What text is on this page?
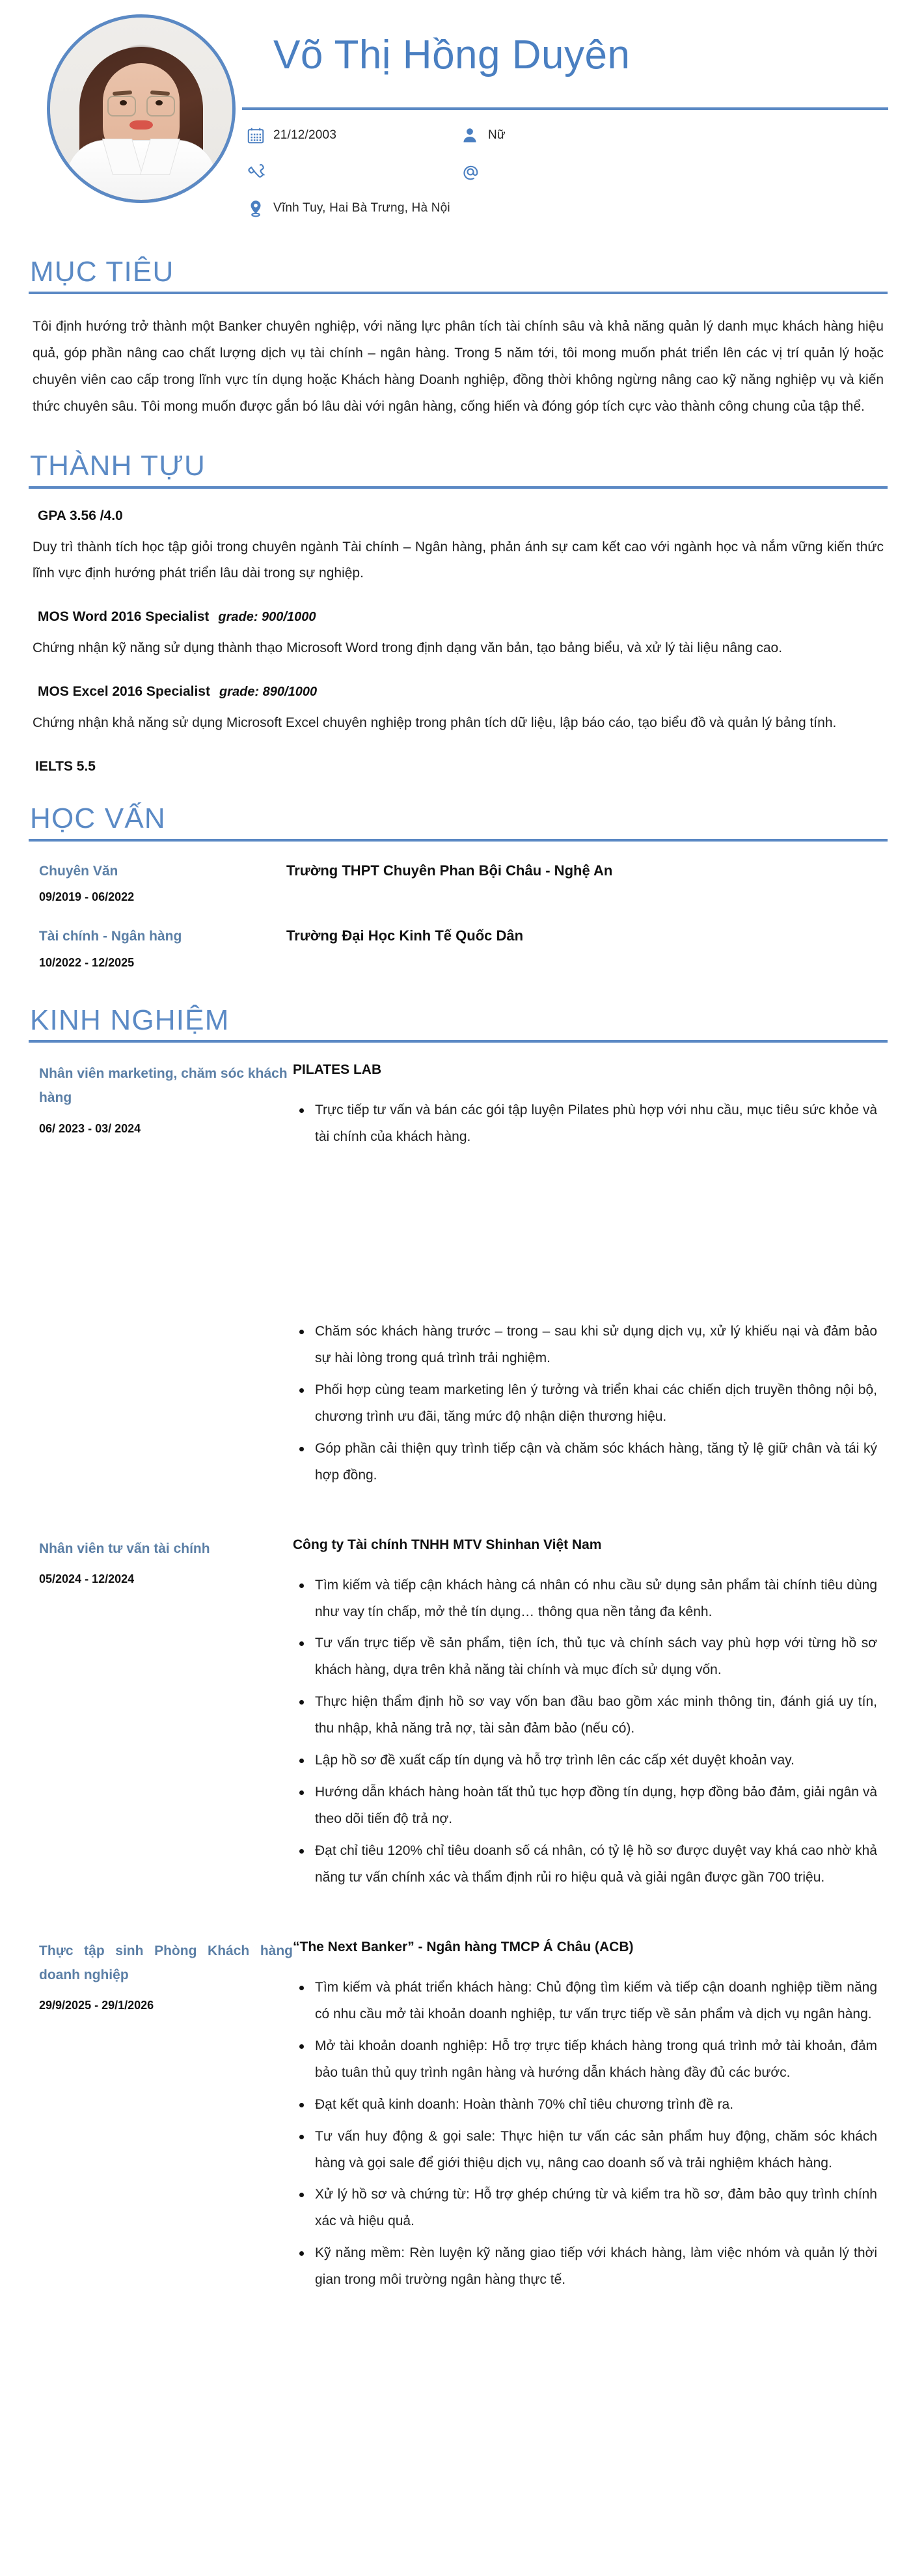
Võ Thị Hồng Duyên
21/12/2003	Nữ
Vĩnh Tuy, Hai Bà Trưng, Hà Nội
MỤC TIÊU

Tôi định hướng trở thành một Banker chuyên nghiệp, với năng lực phân tích tài chính sâu và khả năng quản lý danh mục khách hàng hiệu quả, góp phần nâng cao chất lượng dịch vụ tài chính – ngân hàng. Trong 5 năm tới, tôi mong muốn phát triển lên các vị trí quản lý hoặc chuyên viên cao cấp trong lĩnh vực tín dụng hoặc Khách hàng Doanh nghiệp, đồng thời không ngừng nâng cao kỹ năng nghiệp vụ và kiến thức chuyên sâu. Tôi mong muốn được gắn bó lâu dài với ngân hàng, cống hiến và đóng góp tích cực vào thành công chung của tập thể.

THÀNH TỰU
GPA 3.56 /4.0

Duy trì thành tích học tập giỏi trong chuyên ngành Tài chính – Ngân hàng, phản ánh sự cam kết cao với ngành học và nắm vững kiến thức lĩnh vực định hướng phát triển lâu dài trong sự nghiệp.

MOS Word 2016 Specialist grade: 900/1000

Chứng nhận kỹ năng sử dụng thành thạo Microsoft Word trong định dạng văn bản, tạo bảng biểu, và xử lý tài liệu nâng cao.

MOS Excel 2016 Specialist grade: 890/1000

Chứng nhận khả năng sử dụng Microsoft Excel chuyên nghiệp trong phân tích dữ liệu, lập báo cáo, tạo biểu đồ và quản lý bảng tính.

IELTS 5.5
HỌC VẤN
Chuyên Văn
09/2019 - 06/2022
Trường THPT Chuyên Phan Bội Châu - Nghệ An
Tài chính - Ngân hàng
10/2022 - 12/2025
Trường Đại Học Kinh Tế Quốc Dân
KINH NGHIỆM
Nhân viên marketing, chăm sóc khách hàng
06/ 2023 - 03/ 2024
PILATES LAB
Trực tiếp tư vấn và bán các gói tập luyện Pilates phù hợp với nhu cầu, mục tiêu sức khỏe và tài chính của khách hàng.
Chăm sóc khách hàng trước – trong – sau khi sử dụng dịch vụ, xử lý khiếu nại và đảm bảo sự hài lòng trong quá trình trải nghiệm.
Phối hợp cùng team marketing lên ý tưởng và triển khai các chiến dịch truyền thông nội bộ, chương trình ưu đãi, tăng mức độ nhận diện thương hiệu.
Góp phần cải thiện quy trình tiếp cận và chăm sóc khách hàng, tăng tỷ lệ giữ chân và tái ký hợp đồng.
Nhân viên tư vấn tài chính
05/2024 - 12/2024
Công ty Tài chính TNHH MTV Shinhan Việt Nam
Tìm kiếm và tiếp cận khách hàng cá nhân có nhu cầu sử dụng sản phẩm tài chính tiêu dùng như vay tín chấp, mở thẻ tín dụng… thông qua nền tảng đa kênh.
Tư vấn trực tiếp về sản phẩm, tiện ích, thủ tục và chính sách vay phù hợp với từng hồ sơ khách hàng, dựa trên khả năng tài chính và mục đích sử dụng vốn.
Thực hiện thẩm định hồ sơ vay vốn ban đầu bao gồm xác minh thông tin, đánh giá uy tín, thu nhập, khả năng trả nợ, tài sản đảm bảo (nếu có).
Lập hồ sơ đề xuất cấp tín dụng và hỗ trợ trình lên các cấp xét duyệt khoản vay.
Hướng dẫn khách hàng hoàn tất thủ tục hợp đồng tín dụng, hợp đồng bảo đảm, giải ngân và theo dõi tiến độ trả nợ.
Đạt chỉ tiêu 120% chỉ tiêu doanh số cá nhân, có tỷ lệ hồ sơ được duyệt vay khá cao nhờ khả năng tư vấn chính xác và thẩm định rủi ro hiệu quả và giải ngân được gần 700 triệu.
Thực tập sinh Phòng Khách hàng doanh nghiệp
29/9/2025 - 29/1/2026
“The Next Banker” - Ngân hàng TMCP Á Châu (ACB)
Tìm kiếm và phát triển khách hàng: Chủ động tìm kiếm và tiếp cận doanh nghiệp tiềm năng có nhu cầu mở tài khoản doanh nghiệp, tư vấn trực tiếp về sản phẩm và dịch vụ ngân hàng.
Mở tài khoản doanh nghiệp: Hỗ trợ trực tiếp khách hàng trong quá trình mở tài khoản, đảm bảo tuân thủ quy trình ngân hàng và hướng dẫn khách hàng đầy đủ các bước.
Đạt kết quả kinh doanh: Hoàn thành 70% chỉ tiêu chương trình đề ra.
Tư vấn huy động & gọi sale: Thực hiện tư vấn các sản phẩm huy động, chăm sóc khách hàng và gọi sale để giới thiệu dịch vụ, nâng cao doanh số và trải nghiệm khách hàng.
Xử lý hồ sơ và chứng từ: Hỗ trợ ghép chứng từ và kiểm tra hồ sơ, đảm bảo quy trình chính xác và hiệu quả.
Kỹ năng mềm: Rèn luyện kỹ năng giao tiếp với khách hàng, làm việc nhóm và quản lý thời gian trong môi trường ngân hàng thực tế.
